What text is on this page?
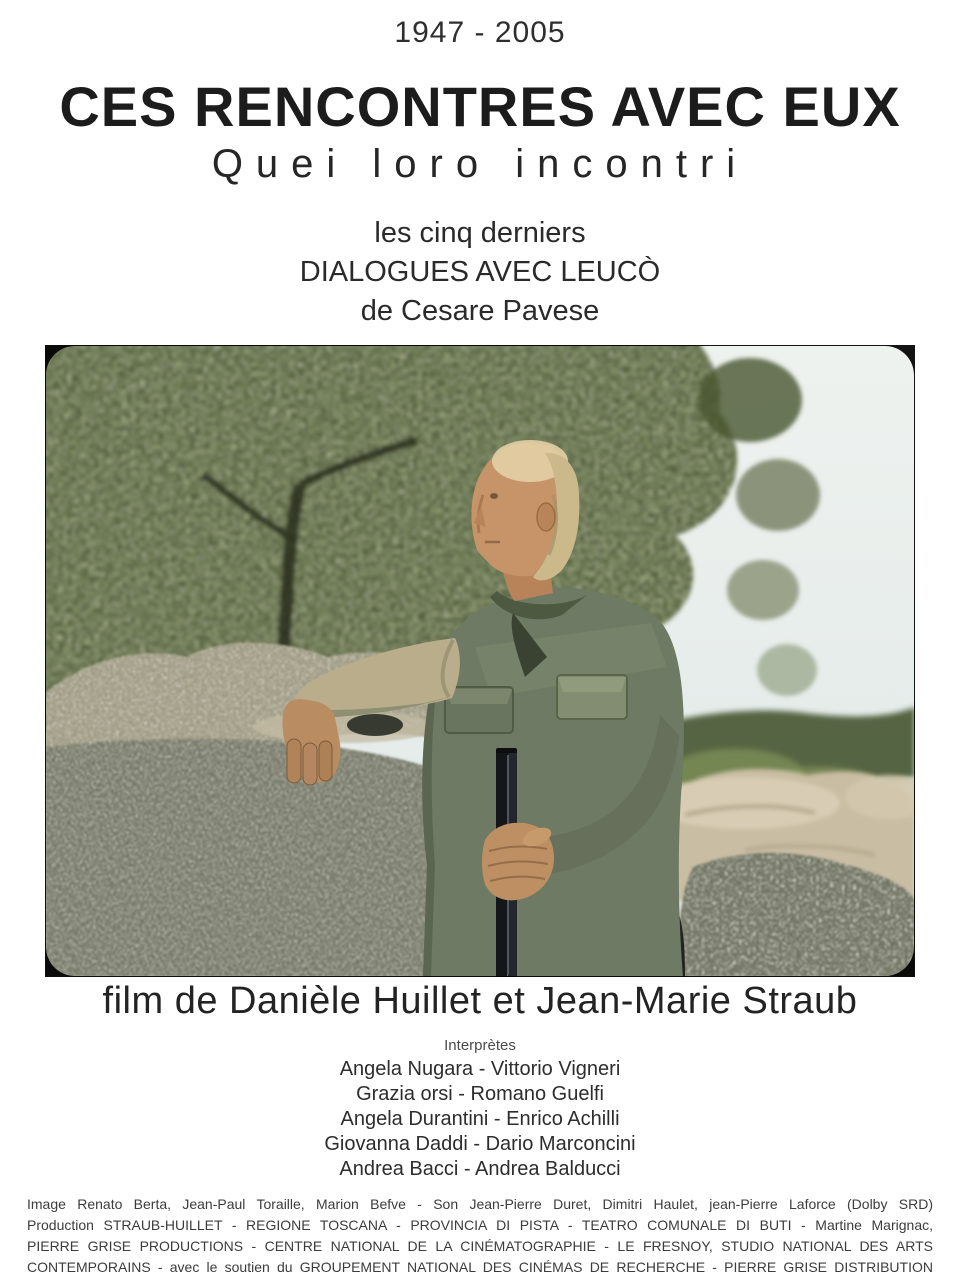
1947 - 2005
CES RENCONTRES AVEC EUX
Quei loro incontri
les cinq derniers
DIALOGUES AVEC LEUCÒ
de Cesare Pavese
film de Danièle Huillet et Jean-Marie Straub
Interprètes
Angela Nugara - Vittorio Vigneri
Grazia orsi - Romano Guelfi
Angela Durantini - Enrico Achilli
Giovanna Daddi - Dario Marconcini
Andrea Bacci - Andrea Balducci
Image Renato Berta, Jean-Paul Toraille, Marion Befve - Son Jean-Pierre Duret, Dimitri Haulet, jean-Pierre Laforce (Dolby SRD)
Production STRAUB-HUILLET - REGIONE TOSCANA - PROVINCIA DI PISTA - TEATRO COMUNALE DI BUTI - Martine Marignac,
PIERRE GRISE PRODUCTIONS - CENTRE NATIONAL DE LA CINÉMATOGRAPHIE - LE FRESNOY, STUDIO NATIONAL DES ARTS
CONTEMPORAINS - avec le soutien du GROUPEMENT NATIONAL DES CINÉMAS DE RECHERCHE - PIERRE GRISE DISTRIBUTION
